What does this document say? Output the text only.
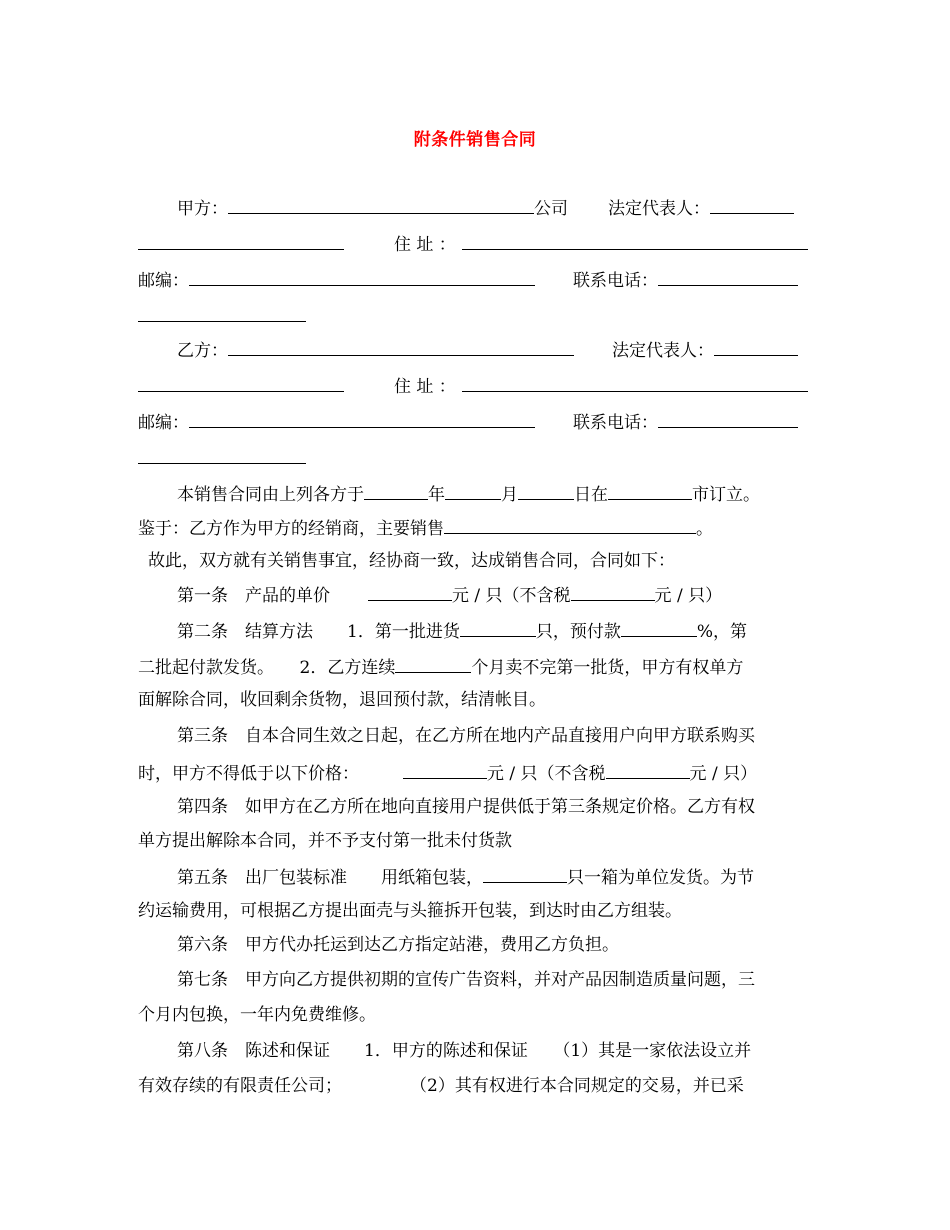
附条件销售合同
甲方：	公司 法定代表人：
住 址 ：
邮编：	联系电话：
乙方：	法定代表人：
住 址 ：
邮编：	联系电话：
本销售合同由上列各方于	年	月	日在	市订立。
鉴于：乙方作为甲方的经销商，主要销售	。
故此，双方就有关销售事宜，经协商一致，达成销售合同，合同如下：
第一条　产品的单价	元 / 只（不含税	元 / 只）
第二条　结算方法　　1．第一批进货	只，预付款	%，第
二批起付款发货。　　2．乙方连续	个月卖不完第一批货，甲方有权单方
面解除合同，收回剩余货物，退回预付款，结清帐目。
第三条　自本合同生效之日起，在乙方所在地内产品直接用户向甲方联系购买
时，甲方不得低于以下价格：	元 / 只（不含税	元 / 只）
第四条　如甲方在乙方所在地向直接用户提供低于第三条规定价格。乙方有权
单方提出解除本合同，并不予支付第一批未付货款
第五条　出厂包装标准　　用纸箱包装，	只一箱为单位发货。为节
约运输费用，可根据乙方提出面壳与头箍拆开包装，到达时由乙方组装。
第六条　甲方代办托运到达乙方指定站港，费用乙方负担。
第七条　甲方向乙方提供初期的宣传广告资料，并对产品因制造质量问题，三
个月内包换，一年内免费维修。
第八条　陈述和保证　　1．甲方的陈述和保证　　（1）其是一家依法设立并
有效存续的有限责任公司；	（2）其有权进行本合同规定的交易，并已采
